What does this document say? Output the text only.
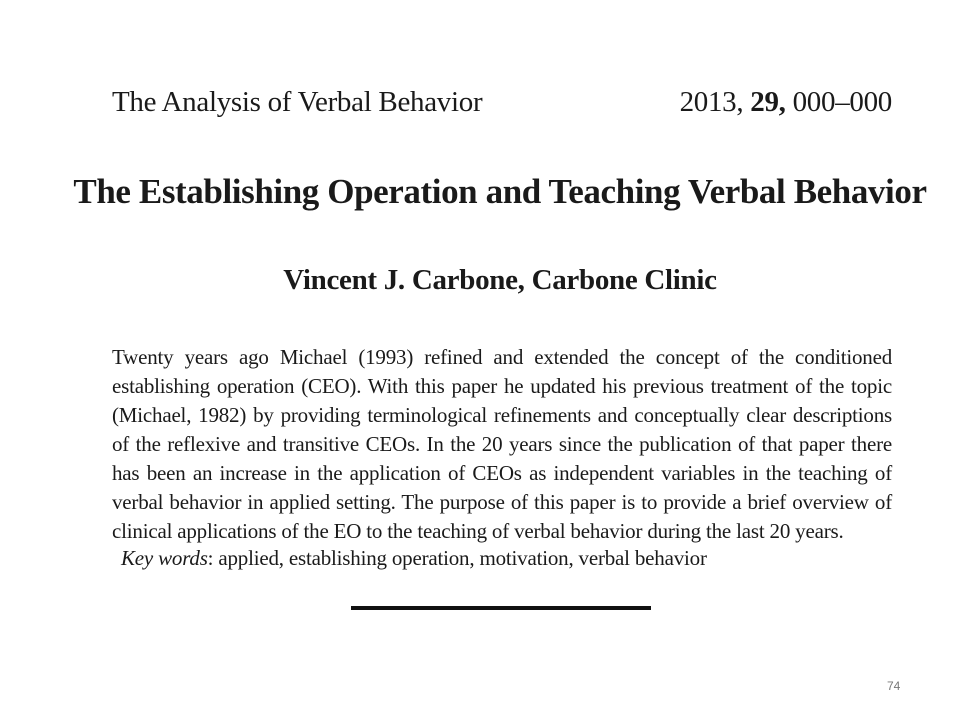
The Analysis of Verbal Behavior	2013, 29, 000–000
The Establishing Operation and Teaching Verbal Behavior
Vincent J. Carbone, Carbone Clinic
Twenty years ago Michael (1993) refined and extended the concept of the conditioned establishing operation (CEO). With this paper he updated his previous treatment of the topic (Michael, 1982) by providing terminological refinements and conceptually clear descriptions of the reflexive and transitive CEOs. In the 20 years since the publication of that paper there has been an increase in the application of CEOs as independent variables in the teaching of verbal behavior in applied setting. The purpose of this paper is to provide a brief overview of clinical applications of the EO to the teaching of verbal behavior during the last 20 years.
Key words: applied, establishing operation, motivation, verbal behavior
74
